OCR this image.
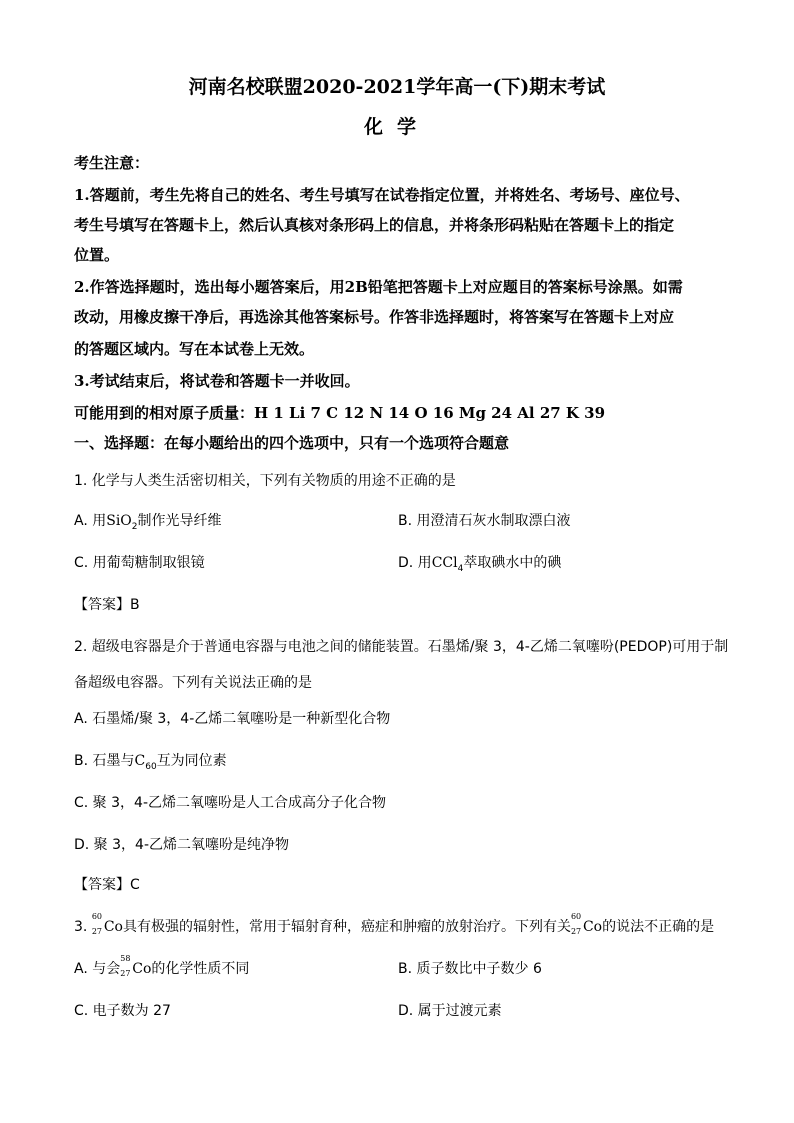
河南名校联盟2020-2021学年高一(下)期末考试
化学
考生注意：
1.答题前，考生先将自己的姓名、考生号填写在试卷指定位置，并将姓名、考场号、座位号、
考生号填写在答题卡上，然后认真核对条形码上的信息，并将条形码粘贴在答题卡上的指定
位置。
2.作答选择题时，选出每小题答案后，用2B铅笔把答题卡上对应题目的答案标号涂黑。如需
改动，用橡皮擦干净后，再选涂其他答案标号。作答非选择题时，将答案写在答题卡上对应
的答题区域内。写在本试卷上无效。
3.考试结束后，将试卷和答题卡一并收回。
可能用到的相对原子质量：H 1 Li 7 C 12 N 14 O 16 Mg 24 Al 27 K 39
一、选择题：在每小题给出的四个选项中，只有一个选项符合题意
1. 化学与人类生活密切相关，下列有关物质的用途不正确的是
A. 用SiO$_2$制作光导纤维	B. 用澄清石灰水制取漂白液
C. 用葡萄糖制取银镜	D. 用CCl$_4$萃取碘水中的碘
【答案】B
2. 超级电容器是介于普通电容器与电池之间的储能装置。石墨烯/聚 3，4-乙烯二氧噻吩(PEDOP)可用于制
备超级电容器。下列有关说法正确的是
A. 石墨烯/聚 3，4-乙烯二氧噻吩是一种新型化合物
B. 石墨与$C_{60}$互为同位素
C. 聚 3，4-乙烯二氧噻吩是人工合成高分子化合物
D. 聚 3，4-乙烯二氧噻吩是纯净物
【答案】C
3.
60
27 Co具有极强的辐射性，常用于辐射育种，癌症和肿瘤的放射治疗。下列有关
60
27 Co的说法不正确的是
A. 与会
58
27 Co的化学性质不同	B. 质子数比中子数少 6
C. 电子数为 27	D. 属于过渡元素
